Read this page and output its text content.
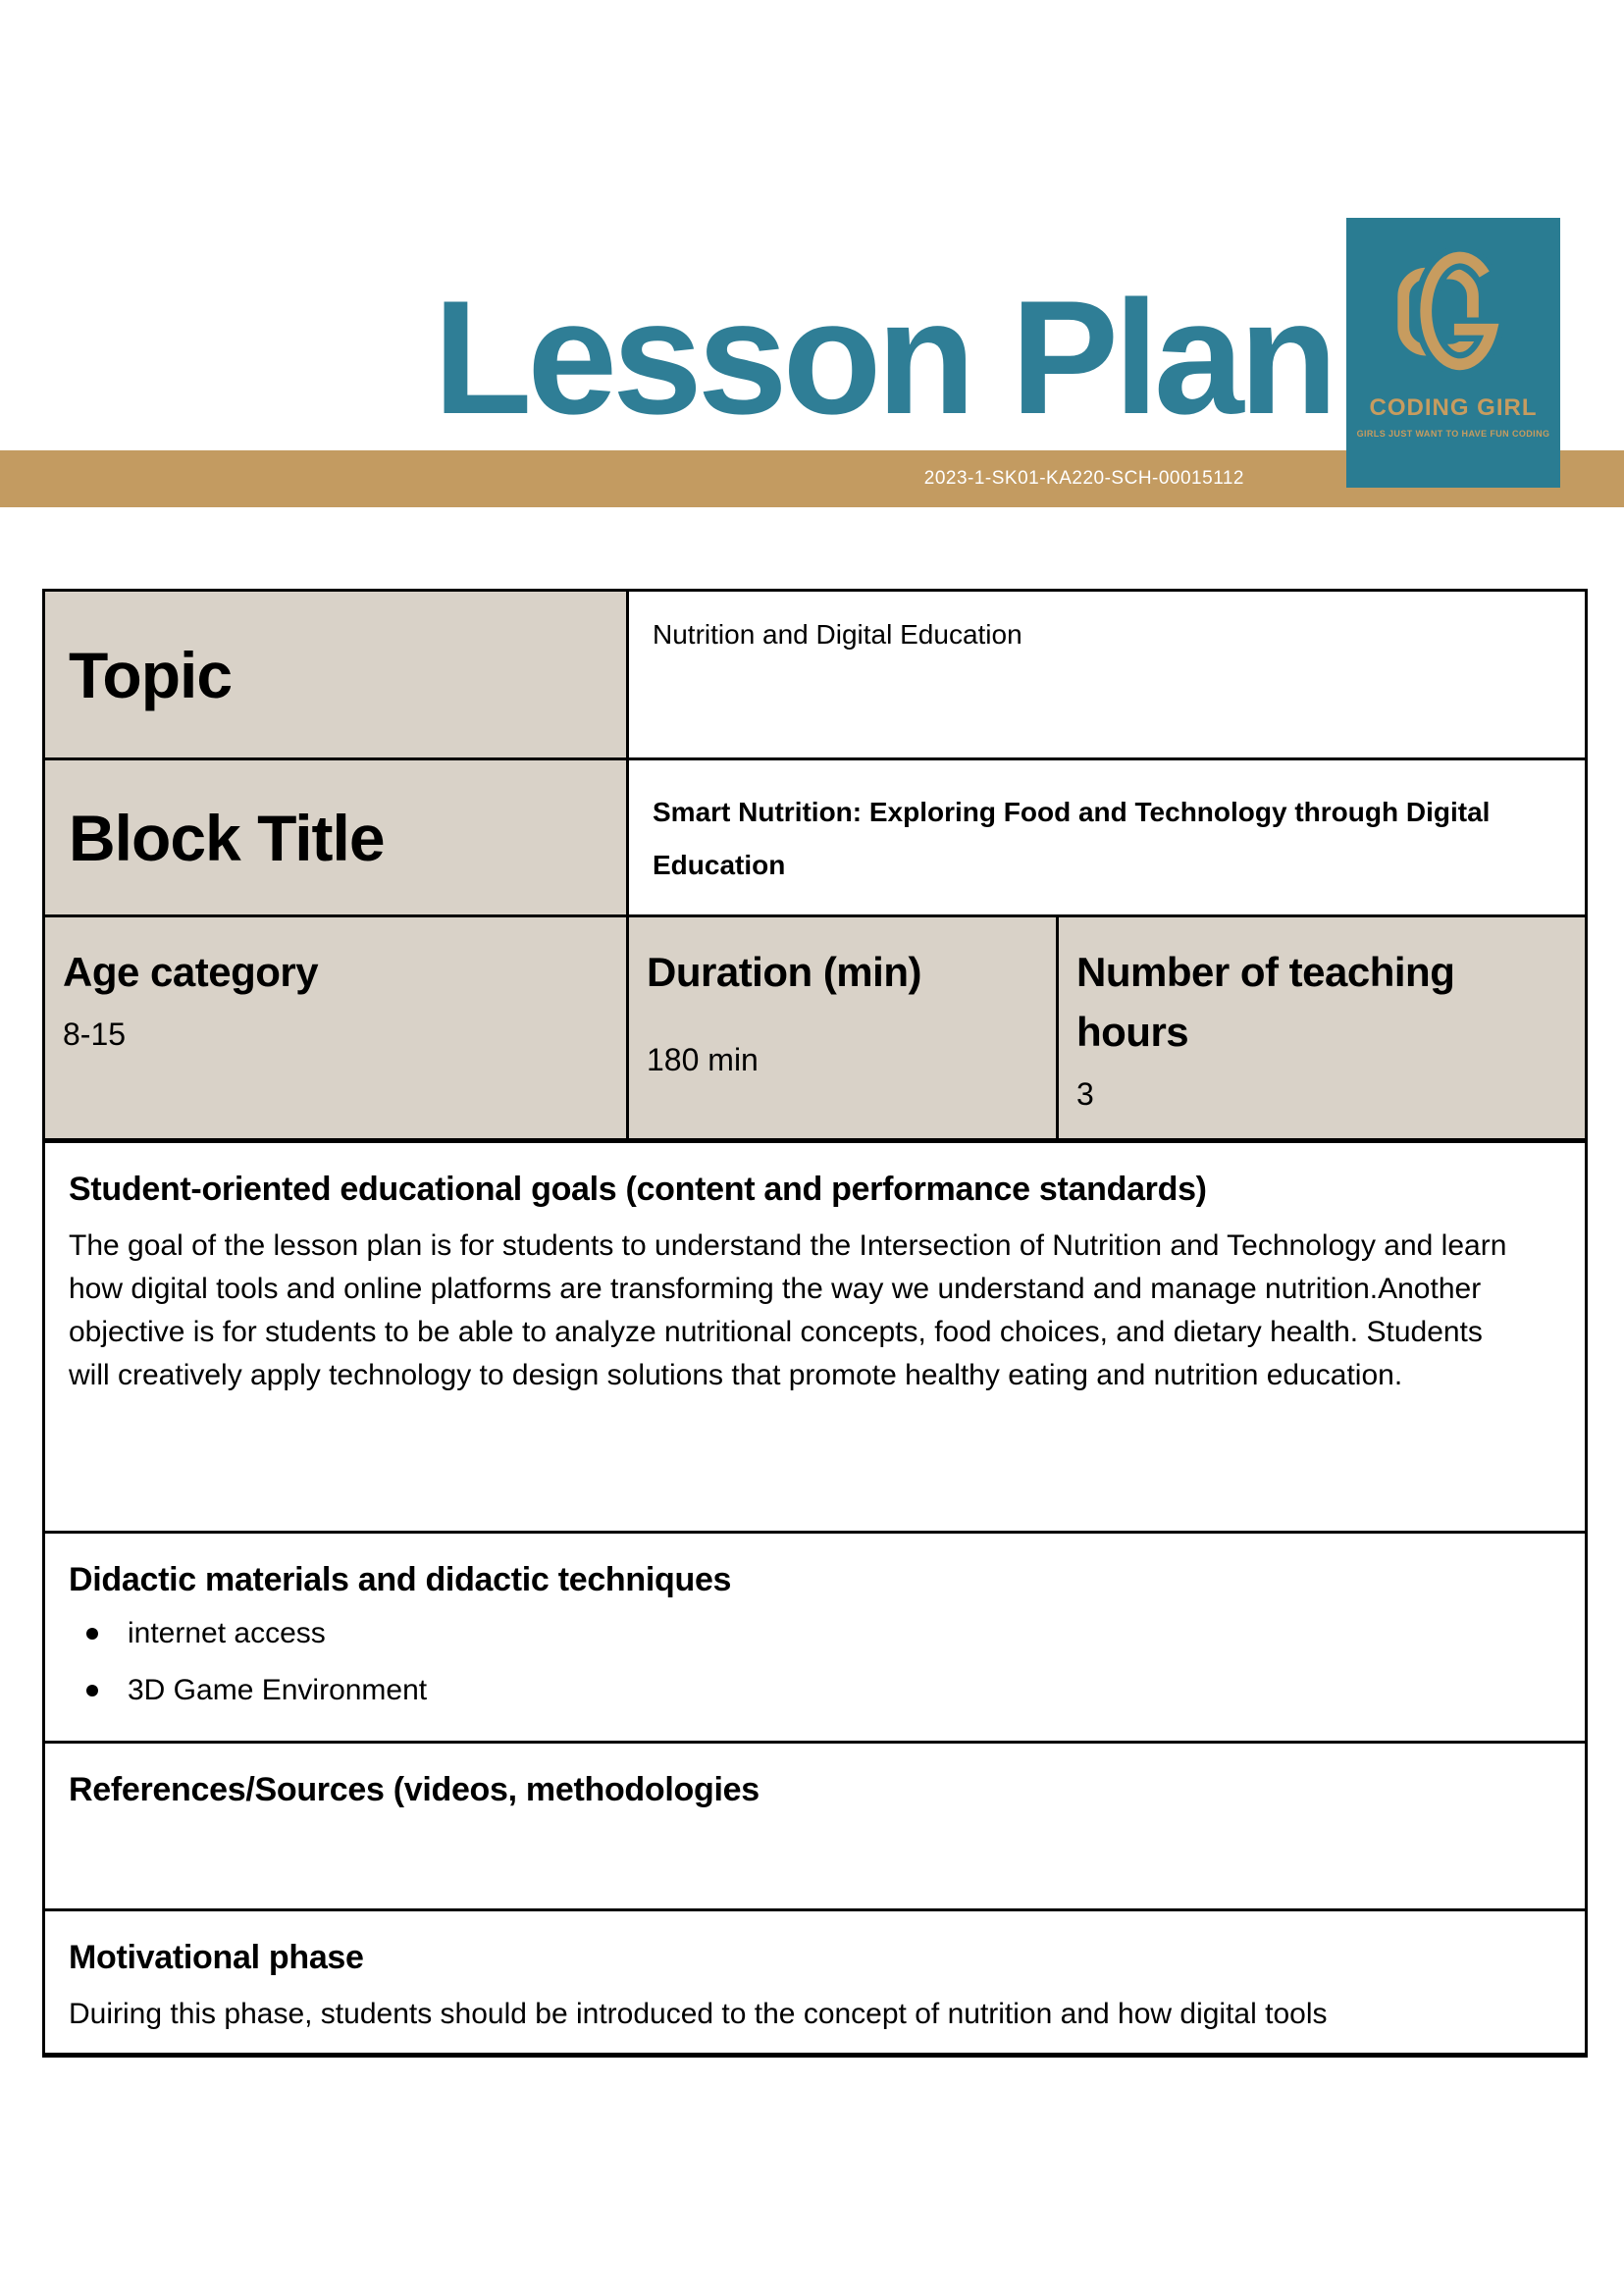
Lesson Plan
2023-1-SK01-KA220-SCH-00015112
CODING GIRL
GIRLS JUST WANT TO HAVE FUN CODING
Topic
Nutrition and Digital Education
Block Title	Smart Nutrition: Exploring Food and Technology through Digital Education
Age category
8-15
Duration (min)
180 min
Number of teaching hours
3
Student-oriented educational goals (content and performance standards)

The goal of the lesson plan is for students to understand the Intersection of Nutrition and Technology and learn how digital tools and online platforms are transforming the way we understand and manage nutrition.Another objective is for students to be able to analyze nutritional concepts, food choices, and dietary health. Students will creatively apply technology to design solutions that promote healthy eating and nutrition education.

Didactic materials and didactic techniques
internet access
3D Game Environment
References/Sources (videos, methodologies
Motivational phase

Duiring this phase, students should be introduced to the concept of nutrition and how digital tools
